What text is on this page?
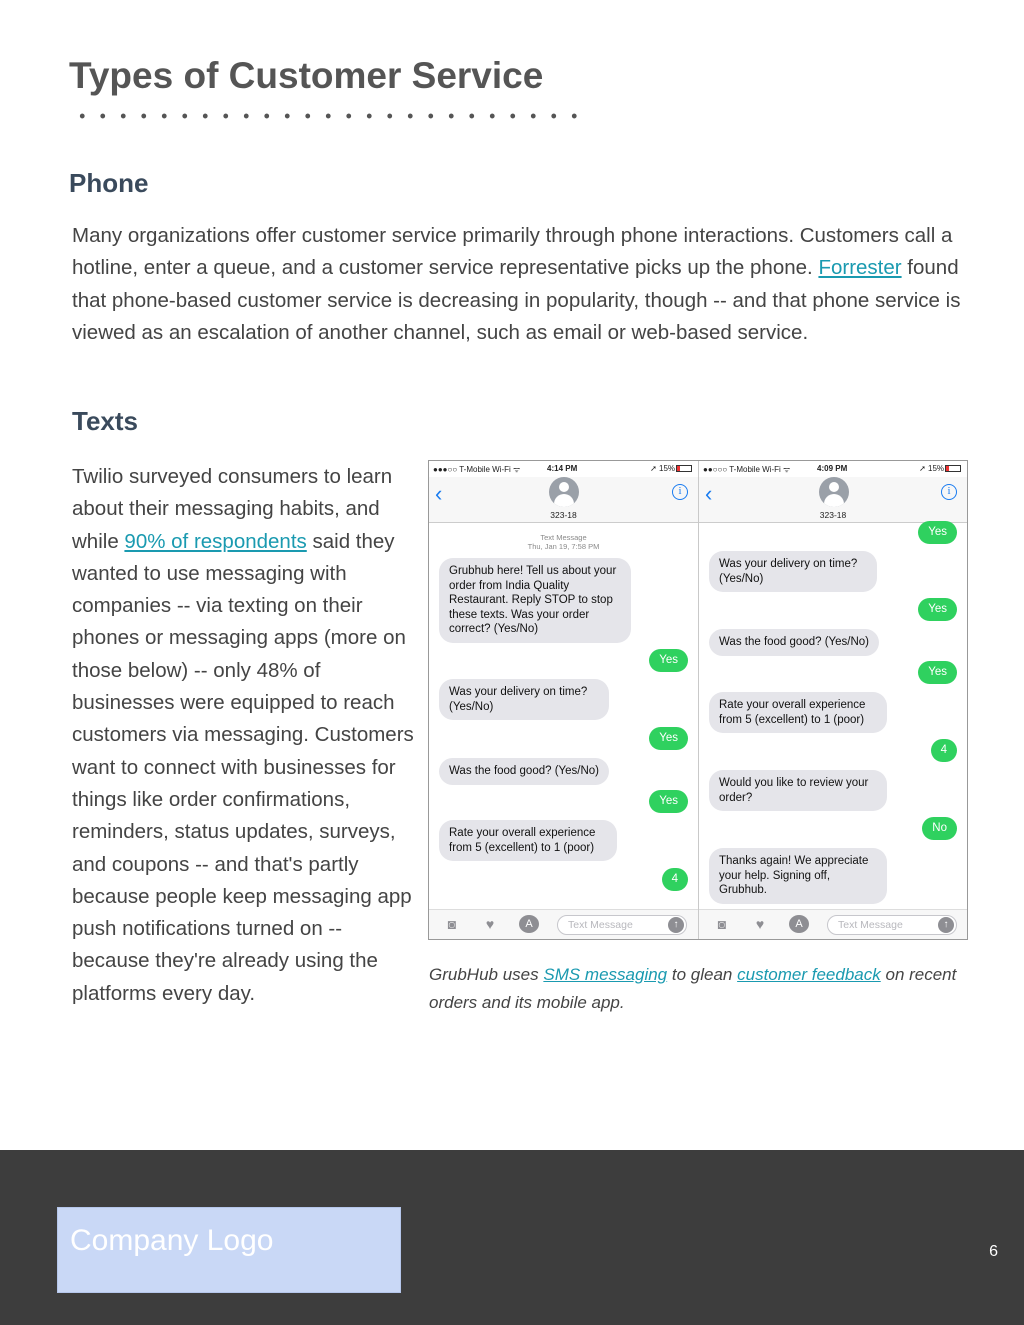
Types of Customer Service
Phone

Many organizations offer customer service primarily through phone interactions. Customers call a hotline, enter a queue, and a customer service representative picks up the phone. Forrester found that phone-based customer service is decreasing in popularity, though -- and that phone service is viewed as an escalation of another channel, such as email or web-based service.

Texts

Twilio surveyed consumers to learn about their messaging habits, and while 90% of respondents said they wanted to use messaging with companies -- via texting on their phones or messaging apps (more on those below) -- only 48% of businesses were equipped to reach customers via messaging. Customers want to connect with businesses for things like order confirmations, reminders, status updates, surveys, and coupons -- and that's partly because people keep messaging app push notifications turned on -- because they're already using the platforms every day.

●●●○○ T-Mobile Wi-Fi ᯤ	4:14 PM	➚ 15%
‹
323-18
i
Text Message
Thu, Jan 19, 7:58 PM
Grubhub here! Tell us about your order from India Quality Restaurant. Reply STOP to stop these texts. Was your order correct? (Yes/No)
Yes
Was your delivery on time? (Yes/No)
Yes
Was the food good? (Yes/No)
Yes
Rate your overall experience from 5 (excellent) to 1 (poor)
4
◙	♥	A	Text Message	↑
●●○○○ T-Mobile Wi-Fi ᯤ	4:09 PM	➚ 15%
‹
323-18
i
Yes
Was your delivery on time? (Yes/No)
Yes
Was the food good? (Yes/No)
Yes
Rate your overall experience from 5 (excellent) to 1 (poor)
4
Would you like to review your order?
No
Thanks again! We appreciate your help. Signing off, Grubhub.
◙	♥	A	Text Message	↑

GrubHub uses SMS messaging to glean customer feedback on recent orders and its mobile app.

Company Logo	6
